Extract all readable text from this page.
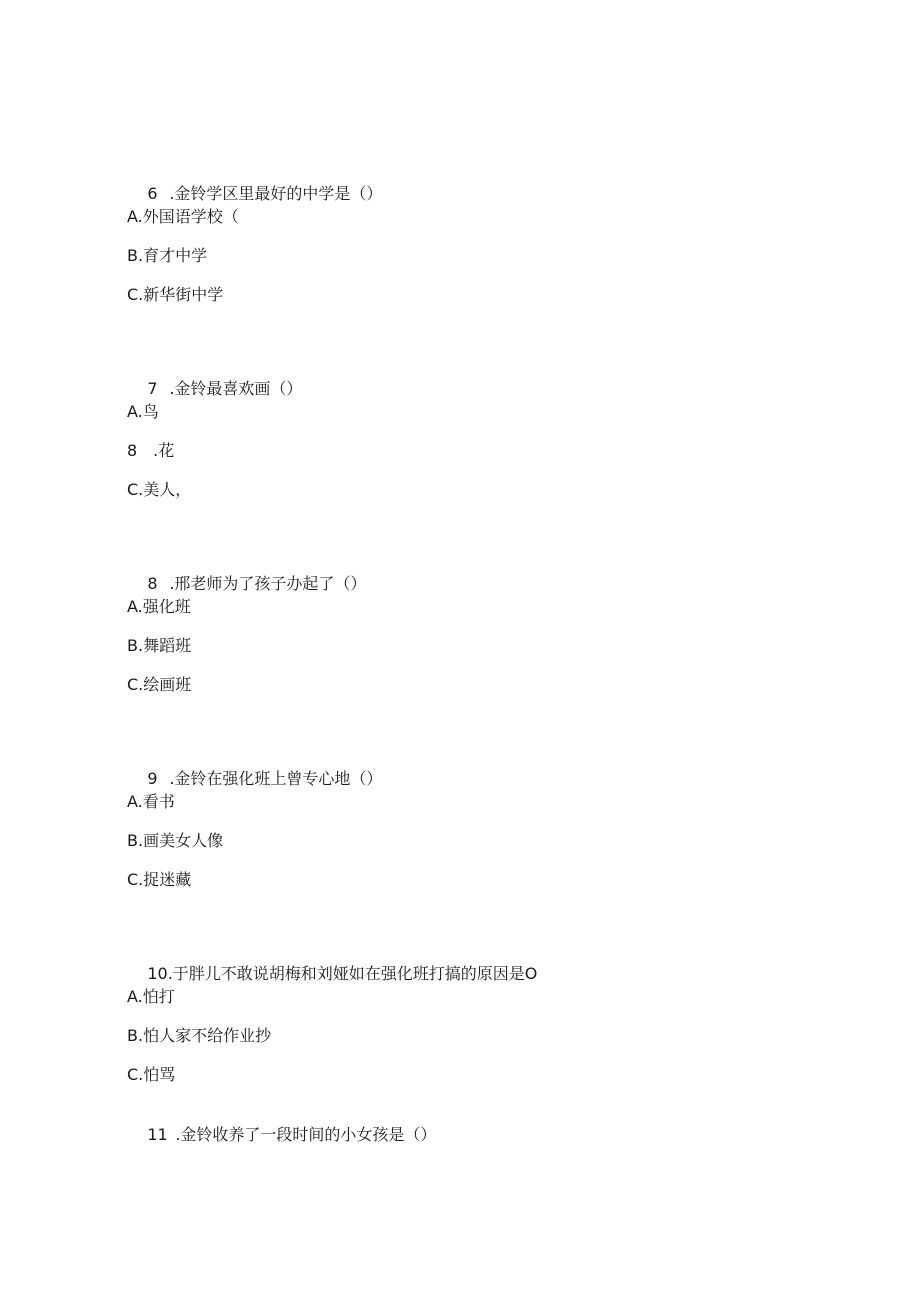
6 .金铃学区里最好的中学是（）

A.外国语学校（
B.育才中学
C.新华街中学

7 .金铃最喜欢画（）

A.鸟
8　.花
C.美人，

8 .邢老师为了孩子办起了（）

A.强化班
B.舞蹈班
C.绘画班

9 .金铃在强化班上曾专心地（）

A.看书
B.画美女人像
C.捉迷藏

10.于胖儿不敢说胡梅和刘娅如在强化班打搞的原因是O

A.怕打
B.怕人家不给作业抄
C.怕骂

11 .金铃收养了一段时间的小女孩是（）
